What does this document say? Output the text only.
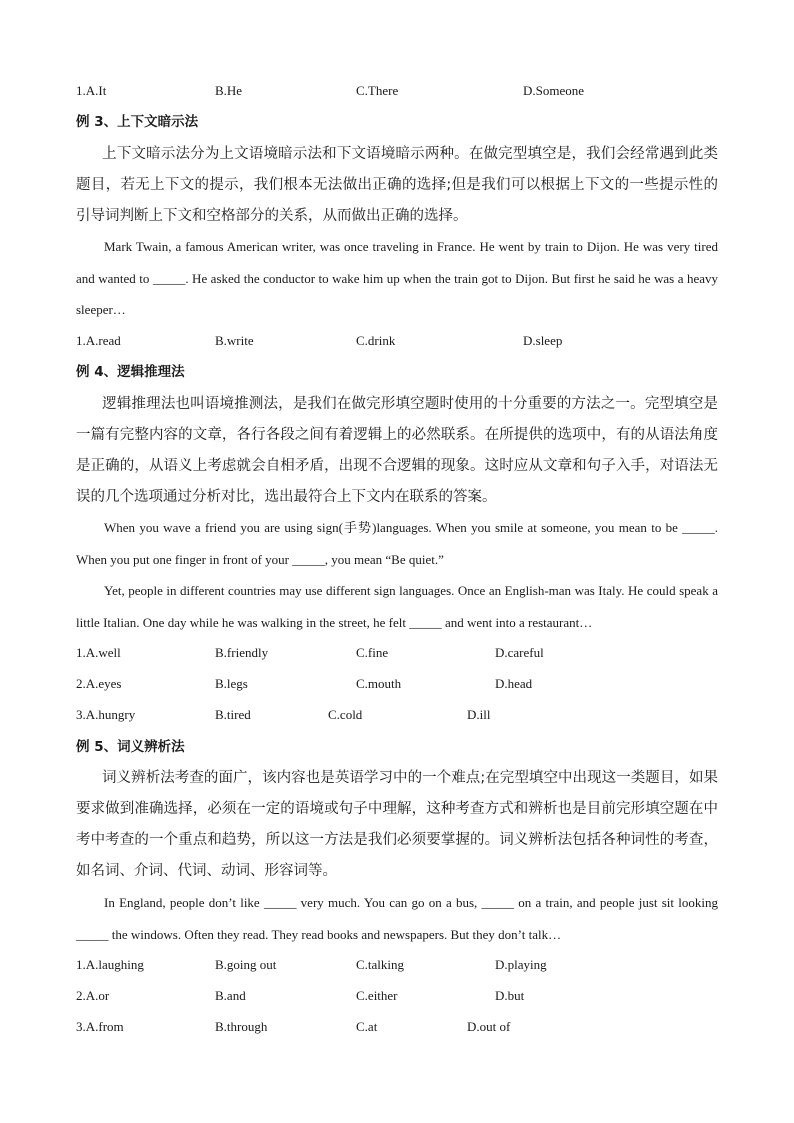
1.A.It	B.He	C.There	D.Someone
例 3、上下文暗示法
上下文暗示法分为上文语境暗示法和下文语境暗示两种。在做完型填空是，我们会经常遇到此类题目，若无上下文的提示，我们根本无法做出正确的选择;但是我们可以根据上下文的一些提示性的引导词判断上下文和空格部分的关系，从而做出正确的选择。
Mark Twain, a famous American writer, was once traveling in France. He went by train to Dijon. He was very tired and wanted to _____. He asked the conductor to wake him up when the train got to Dijon. But first he said he was a heavy sleeper…
1.A.read	B.write	C.drink	D.sleep
例 4、逻辑推理法
逻辑推理法也叫语境推测法，是我们在做完形填空题时使用的十分重要的方法之一。完型填空是一篇有完整内容的文章，各行各段之间有着逻辑上的必然联系。在所提供的选项中，有的从语法角度是正确的，从语义上考虑就会自相矛盾，出现不合逻辑的现象。这时应从文章和句子入手，对语法无误的几个选项通过分析对比，选出最符合上下文内在联系的答案。
When you wave a friend you are using sign(手势)languages. When you smile at someone, you mean to be _____. When you put one finger in front of your _____, you mean “Be quiet.”
Yet, people in different countries may use different sign languages. Once an English-man was Italy. He could speak a little Italian. One day while he was walking in the street, he felt _____ and went into a restaurant…
1.A.well	B.friendly	C.fine	D.careful
2.A.eyes	B.legs	C.mouth	D.head
3.A.hungry	B.tired	C.cold	D.ill
例 5、词义辨析法
词义辨析法考查的面广，该内容也是英语学习中的一个难点;在完型填空中出现这一类题目，如果要求做到准确选择，必须在一定的语境或句子中理解，这种考查方式和辨析也是目前完形填空题在中考中考查的一个重点和趋势，所以这一方法是我们必须要掌握的。词义辨析法包括各种词性的考查，如名词、介词、代词、动词、形容词等。
In England, people don’t like _____ very much. You can go on a bus, _____ on a train, and people just sit looking _____ the windows. Often they read. They read books and newspapers. But they don’t talk…
1.A.laughing	B.going out	C.talking	D.playing
2.A.or	B.and	C.either	D.but
3.A.from	B.through	C.at	D.out of
